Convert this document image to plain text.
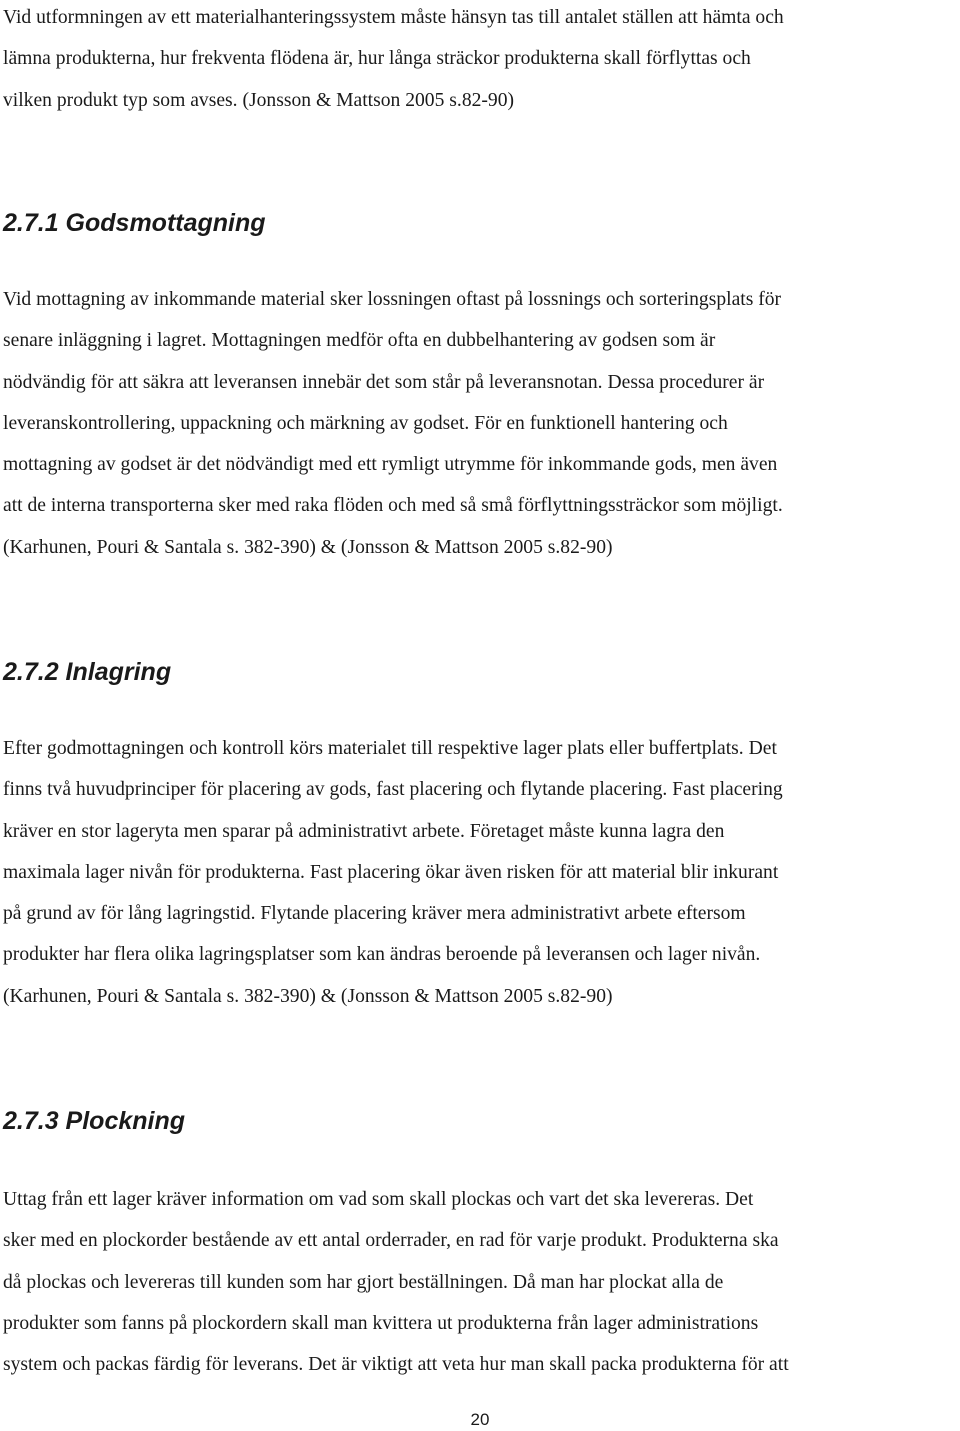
Vid utformningen av ett materialhanteringssystem måste hänsyn tas till antalet ställen att hämta och
lämna produkterna, hur frekventa flödena är, hur långa sträckor produkterna skall förflyttas och
vilken produkt typ som avses. (Jonsson & Mattson 2005 s.82-90)
2.7.1 Godsmottagning
Vid mottagning av inkommande material sker lossningen oftast på lossnings och sorteringsplats för
senare inläggning i lagret. Mottagningen medför ofta en dubbelhantering av godsen som är
nödvändig för att säkra att leveransen innebär det som står på leveransnotan. Dessa procedurer är
leveranskontrollering, uppackning och märkning av godset. För en funktionell hantering och
mottagning av godset är det nödvändigt med ett rymligt utrymme för inkommande gods, men även
att de interna transporterna sker med raka flöden och med så små förflyttningssträckor som möjligt.
(Karhunen, Pouri & Santala s. 382-390) & (Jonsson & Mattson 2005 s.82-90)
2.7.2 Inlagring
Efter godmottagningen och kontroll körs materialet till respektive lager plats eller buffertplats. Det
finns två huvudprinciper för placering av gods, fast placering och flytande placering. Fast placering
kräver en stor lageryta men sparar på administrativt arbete. Företaget måste kunna lagra den
maximala lager nivån för produkterna. Fast placering ökar även risken för att material blir inkurant
på grund av för lång lagringstid. Flytande placering kräver mera administrativt arbete eftersom
produkter har flera olika lagringsplatser som kan ändras beroende på leveransen och lager nivån.
(Karhunen, Pouri & Santala s. 382-390) & (Jonsson & Mattson 2005 s.82-90)
2.7.3 Plockning
Uttag från ett lager kräver information om vad som skall plockas och vart det ska levereras. Det
sker med en plockorder bestående av ett antal orderrader, en rad för varje produkt. Produkterna ska
då plockas och levereras till kunden som har gjort beställningen. Då man har plockat alla de
produkter som fanns på plockordern skall man kvittera ut produkterna från lager administrations
system och packas färdig för leverans. Det är viktigt att veta hur man skall packa produkterna för att
20
